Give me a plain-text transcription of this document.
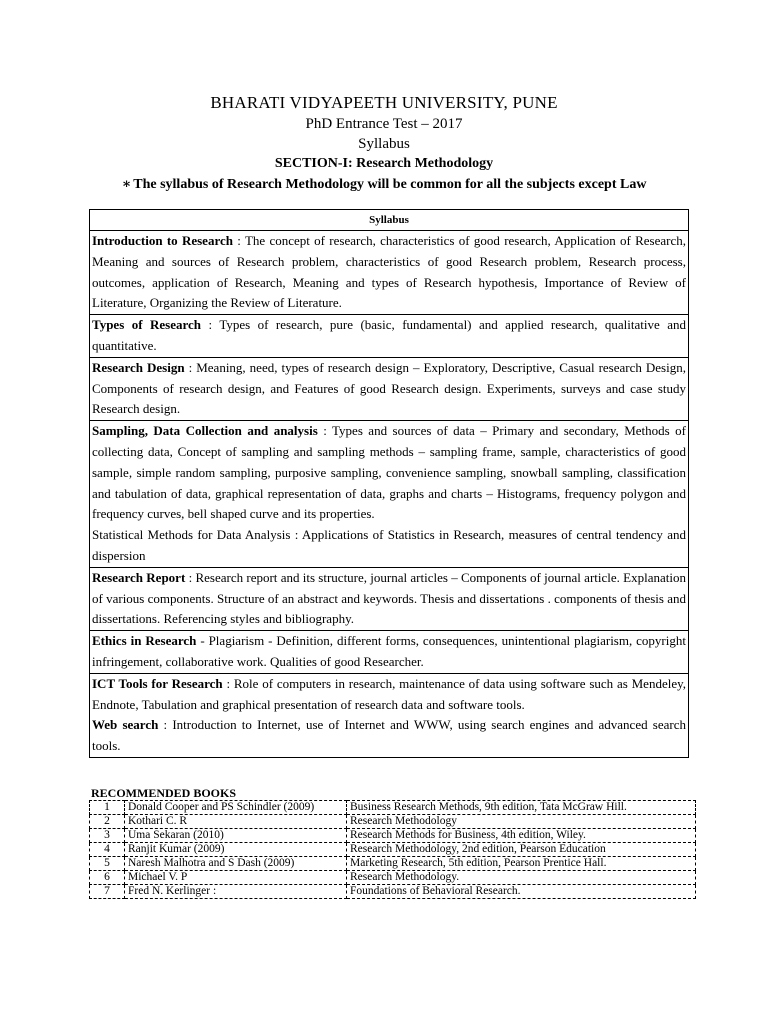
BHARATI VIDYAPEETH UNIVERSITY, PUNE
PhD Entrance Test – 2017
Syllabus
SECTION-I: Research Methodology
∗ The syllabus of Research Methodology will be common for all the subjects except Law
Syllabus
Introduction to Research : The concept of research, characteristics of good research, Application of Research, Meaning and sources of Research problem, characteristics of good Research problem, Research process, outcomes, application of Research, Meaning and types of Research hypothesis, Importance of Review of Literature, Organizing the Review of Literature.
Types of Research : Types of research, pure (basic, fundamental) and applied research, qualitative and quantitative.
Research Design : Meaning, need, types of research design – Exploratory, Descriptive, Casual research Design, Components of research design, and Features of good Research design. Experiments, surveys and case study Research design.
Sampling, Data Collection and analysis : Types and sources of data – Primary and secondary, Methods of collecting data, Concept of sampling and sampling methods – sampling frame, sample, characteristics of good sample, simple random sampling, purposive sampling, convenience sampling, snowball sampling, classification and tabulation of data, graphical representation of data, graphs and charts – Histograms, frequency polygon and frequency curves, bell shaped curve and its properties.
Statistical Methods for Data Analysis : Applications of Statistics in Research, measures of central tendency and dispersion
Research Report : Research report and its structure, journal articles – Components of journal article. Explanation of various components. Structure of an abstract and keywords. Thesis and dissertations . components of thesis and dissertations. Referencing styles and bibliography.
Ethics in Research - Plagiarism - Definition, different forms, consequences, unintentional plagiarism, copyright infringement, collaborative work. Qualities of good Researcher.
ICT Tools for Research : Role of computers in research, maintenance of data using software such as Mendeley, Endnote, Tabulation and graphical presentation of research data and software tools.
Web search : Introduction to Internet, use of Internet and WWW, using search engines and advanced search tools.
RECOMMENDED BOOKS
1	Donald Cooper and PS Schindler (2009)	Business Research Methods, 9th edition, Tata McGraw Hill.
2	Kothari C. R	Research Methodology
3	Uma Sekaran (2010)	Research Methods for Business, 4th edition, Wiley.
4	Ranjit Kumar (2009)	Research Methodology, 2nd edition, Pearson Education
5	Naresh Malhotra and S Dash (2009)	Marketing Research, 5th edition, Pearson Prentice Hall.
6	Michael V. P	Research Methodology.
7	Fred N. Kerlinger :	Foundations of Behavioral Research.
